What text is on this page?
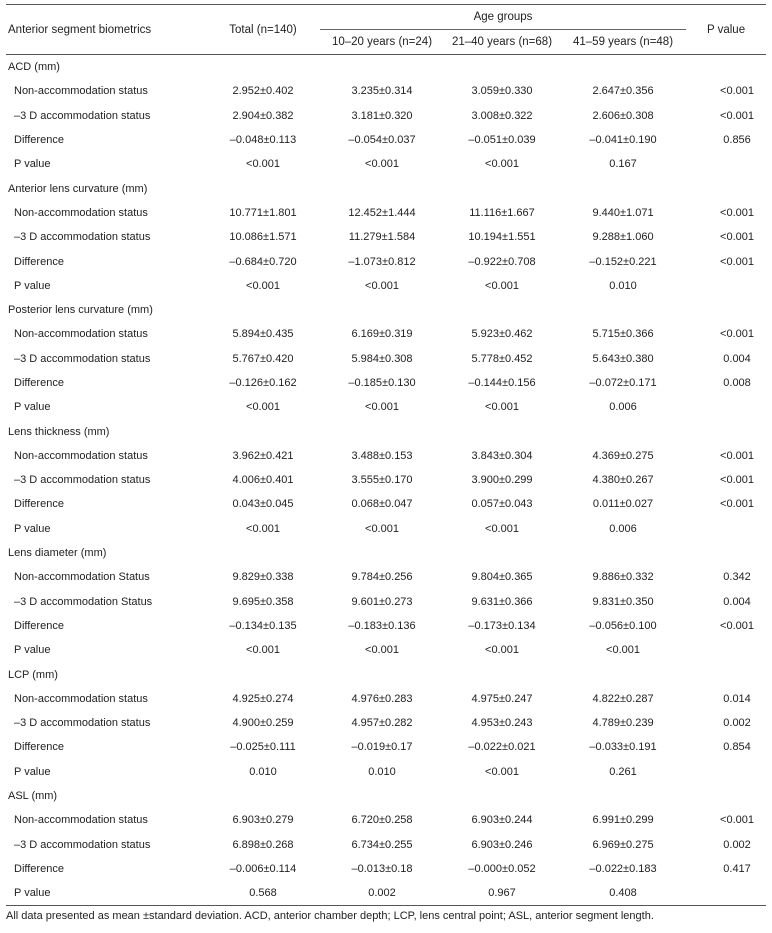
Anterior segment biometrics	Total (n=140)	Age groups			P value
		10–20 years (n=24)	21–40 years (n=68)	41–59 years (n=48)	

ACD (mm)					
Non-accommodation status	2.952±0.402	3.235±0.314	3.059±0.330	2.647±0.356	<0.001
–3 D accommodation status	2.904±0.382	3.181±0.320	3.008±0.322	2.606±0.308	<0.001
Difference	–0.048±0.113	–0.054±0.037	–0.051±0.039	–0.041±0.190	0.856
P value	<0.001	<0.001	<0.001	0.167	
Anterior lens curvature (mm)					
Non-accommodation status	10.771±1.801	12.452±1.444	11.116±1.667	9.440±1.071	<0.001
–3 D accommodation status	10.086±1.571	11.279±1.584	10.194±1.551	9.288±1.060	<0.001
Difference	–0.684±0.720	–1.073±0.812	–0.922±0.708	–0.152±0.221	<0.001
P value	<0.001	<0.001	<0.001	0.010	
Posterior lens curvature (mm)					
Non-accommodation status	5.894±0.435	6.169±0.319	5.923±0.462	5.715±0.366	<0.001
–3 D accommodation status	5.767±0.420	5.984±0.308	5.778±0.452	5.643±0.380	0.004
Difference	–0.126±0.162	–0.185±0.130	–0.144±0.156	–0.072±0.171	0.008
P value	<0.001	<0.001	<0.001	0.006	
Lens thickness (mm)					
Non-accommodation status	3.962±0.421	3.488±0.153	3.843±0.304	4.369±0.275	<0.001
–3 D accommodation status	4.006±0.401	3.555±0.170	3.900±0.299	4.380±0.267	<0.001
Difference	0.043±0.045	0.068±0.047	0.057±0.043	0.011±0.027	<0.001
P value	<0.001	<0.001	<0.001	0.006	
Lens diameter (mm)					
Non-accommodation Status	9.829±0.338	9.784±0.256	9.804±0.365	9.886±0.332	0.342
–3 D accommodation Status	9.695±0.358	9.601±0.273	9.631±0.366	9.831±0.350	0.004
Difference	–0.134±0.135	–0.183±0.136	–0.173±0.134	–0.056±0.100	<0.001
P value	<0.001	<0.001	<0.001	<0.001	
LCP (mm)					
Non-accommodation status	4.925±0.274	4.976±0.283	4.975±0.247	4.822±0.287	0.014
–3 D accommodation status	4.900±0.259	4.957±0.282	4.953±0.243	4.789±0.239	0.002
Difference	–0.025±0.111	–0.019±0.17	–0.022±0.021	–0.033±0.191	0.854
P value	0.010	0.010	<0.001	0.261	
ASL (mm)					
Non-accommodation status	6.903±0.279	6.720±0.258	6.903±0.244	6.991±0.299	<0.001
–3 D accommodation status	6.898±0.268	6.734±0.255	6.903±0.246	6.969±0.275	0.002
Difference	–0.006±0.114	–0.013±0.18	–0.000±0.052	–0.022±0.183	0.417
P value	0.568	0.002	0.967	0.408	
All data presented as mean ±standard deviation. ACD, anterior chamber depth; LCP, lens central point; ASL, anterior segment length.
